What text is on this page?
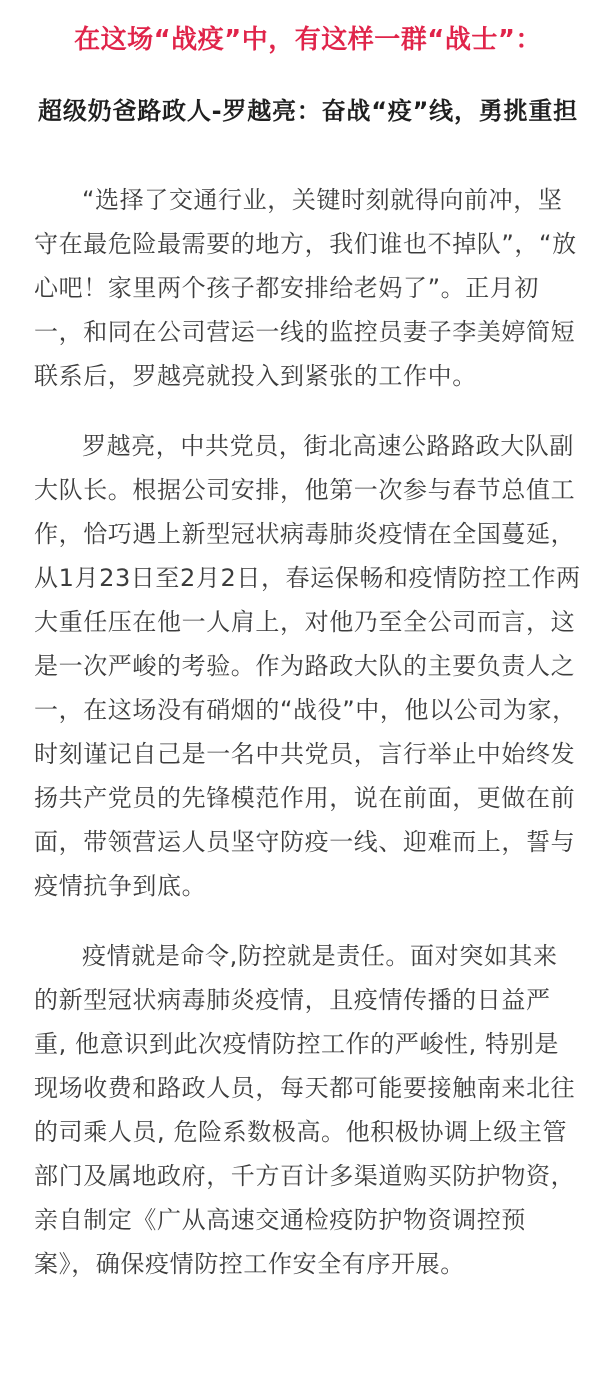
在这场“战疫”中，有这样一群“战士”：
超级奶爸路政人-罗越亮：奋战“疫”线，勇挑重担

“选择了交通行业，关键时刻就得向前冲，坚守在最危险最需要的地方，我们谁也不掉队”，“放心吧！家里两个孩子都安排给老妈了”。正月初一，和同在公司营运一线的监控员妻子李美婷简短联系后，罗越亮就投入到紧张的工作中。

罗越亮，中共党员，街北高速公路路政大队副大队长。根据公司安排，他第一次参与春节总值工作，恰巧遇上新型冠状病毒肺炎疫情在全国蔓延，从1月23日至2月2日，春运保畅和疫情防控工作两大重任压在他一人肩上，对他乃至全公司而言，这是一次严峻的考验。作为路政大队的主要负责人之一，在这场没有硝烟的“战役”中，他以公司为家，时刻谨记自己是一名中共党员，言行举止中始终发扬共产党员的先锋模范作用，说在前面，更做在前面，带领营运人员坚守防疫一线、迎难而上，誓与疫情抗争到底。

疫情就是命令,防控就是责任。面对突如其来的新型冠状病毒肺炎疫情，且疫情传播的日益严重, 他意识到此次疫情防控工作的严峻性, 特别是现场收费和路政人员，每天都可能要接触南来北往的司乘人员, 危险系数极高。他积极协调上级主管部门及属地政府，千方百计多渠道购买防护物资，亲自制定《广从高速交通检疫防护物资调控预案》，确保疫情防控工作安全有序开展。
